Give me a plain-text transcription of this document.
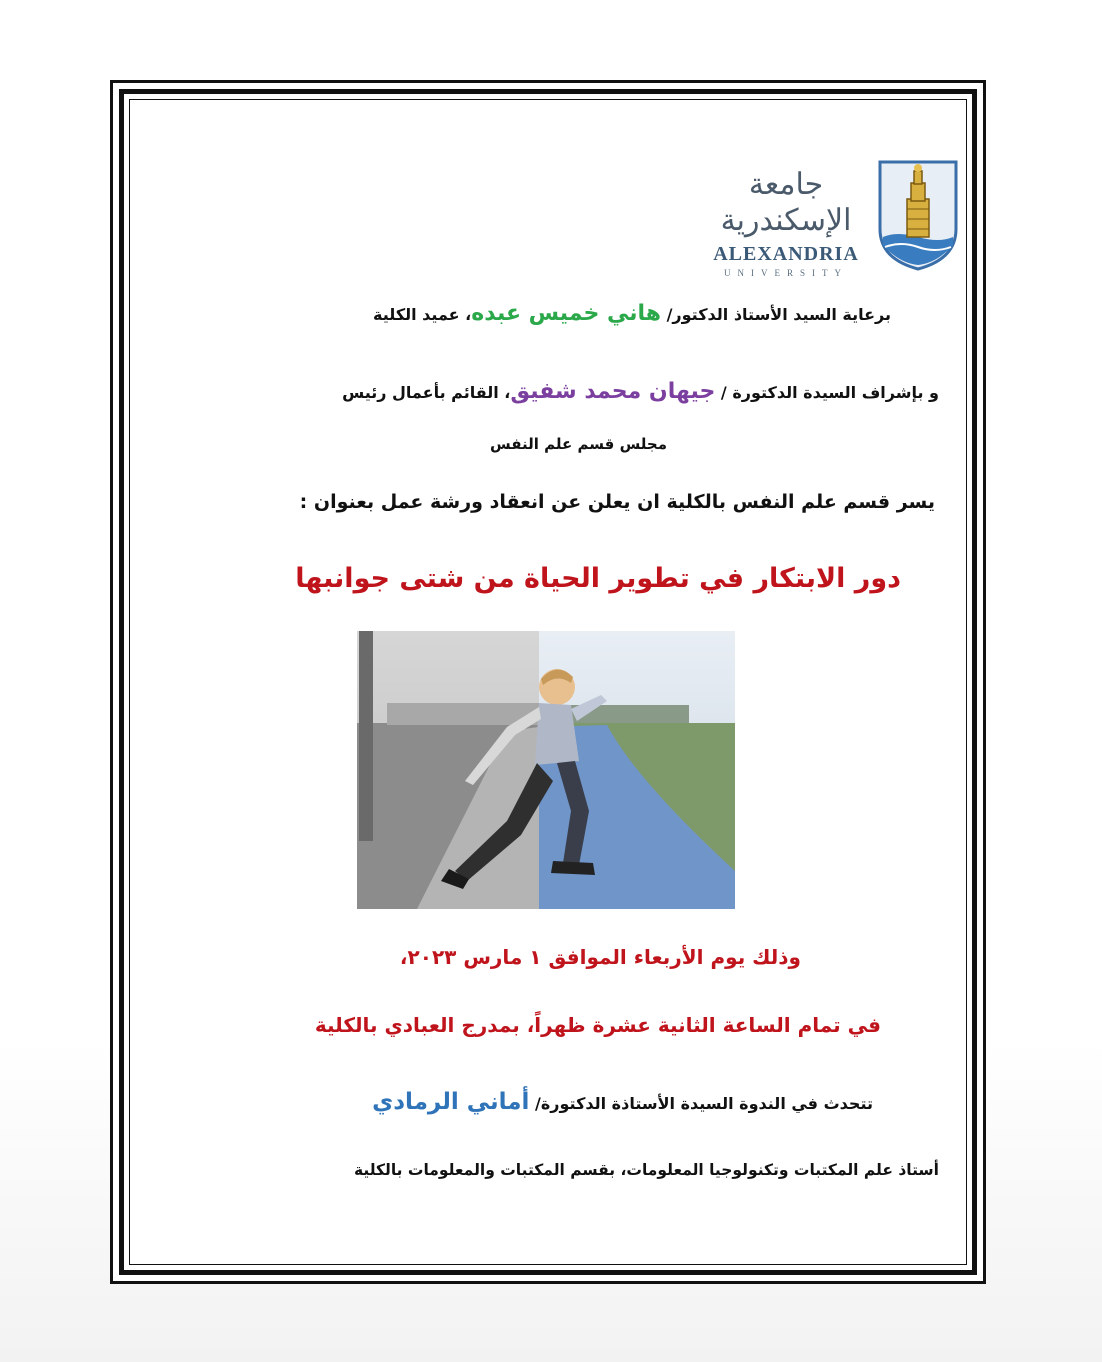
جامعة الإسكندرية
ALEXANDRIA
UNIVERSITY
برعاية السيد الأستاذ الدكتور/ هاني خميس عبده، عميد الكلية
و بإشراف السيدة الدكتورة / جيهان محمد شفيق، القائم بأعمال رئيس
مجلس قسم علم النفس
يسر قسم علم النفس بالكلية ان يعلن عن انعقاد ورشة عمل بعنوان :
دور الابتكار في تطوير الحياة من شتى جوانبها
وذلك يوم الأربعاء الموافق ١ مارس ٢٠٢٣،
في تمام الساعة الثانية عشرة ظهراً، بمدرج العبادي بالكلية
تتحدث في الندوة السيدة الأستاذة الدكتورة/ أماني الرمادي
أستاذ علم المكتبات وتكنولوجيا المعلومات، بقسم المكتبات والمعلومات بالكلية
